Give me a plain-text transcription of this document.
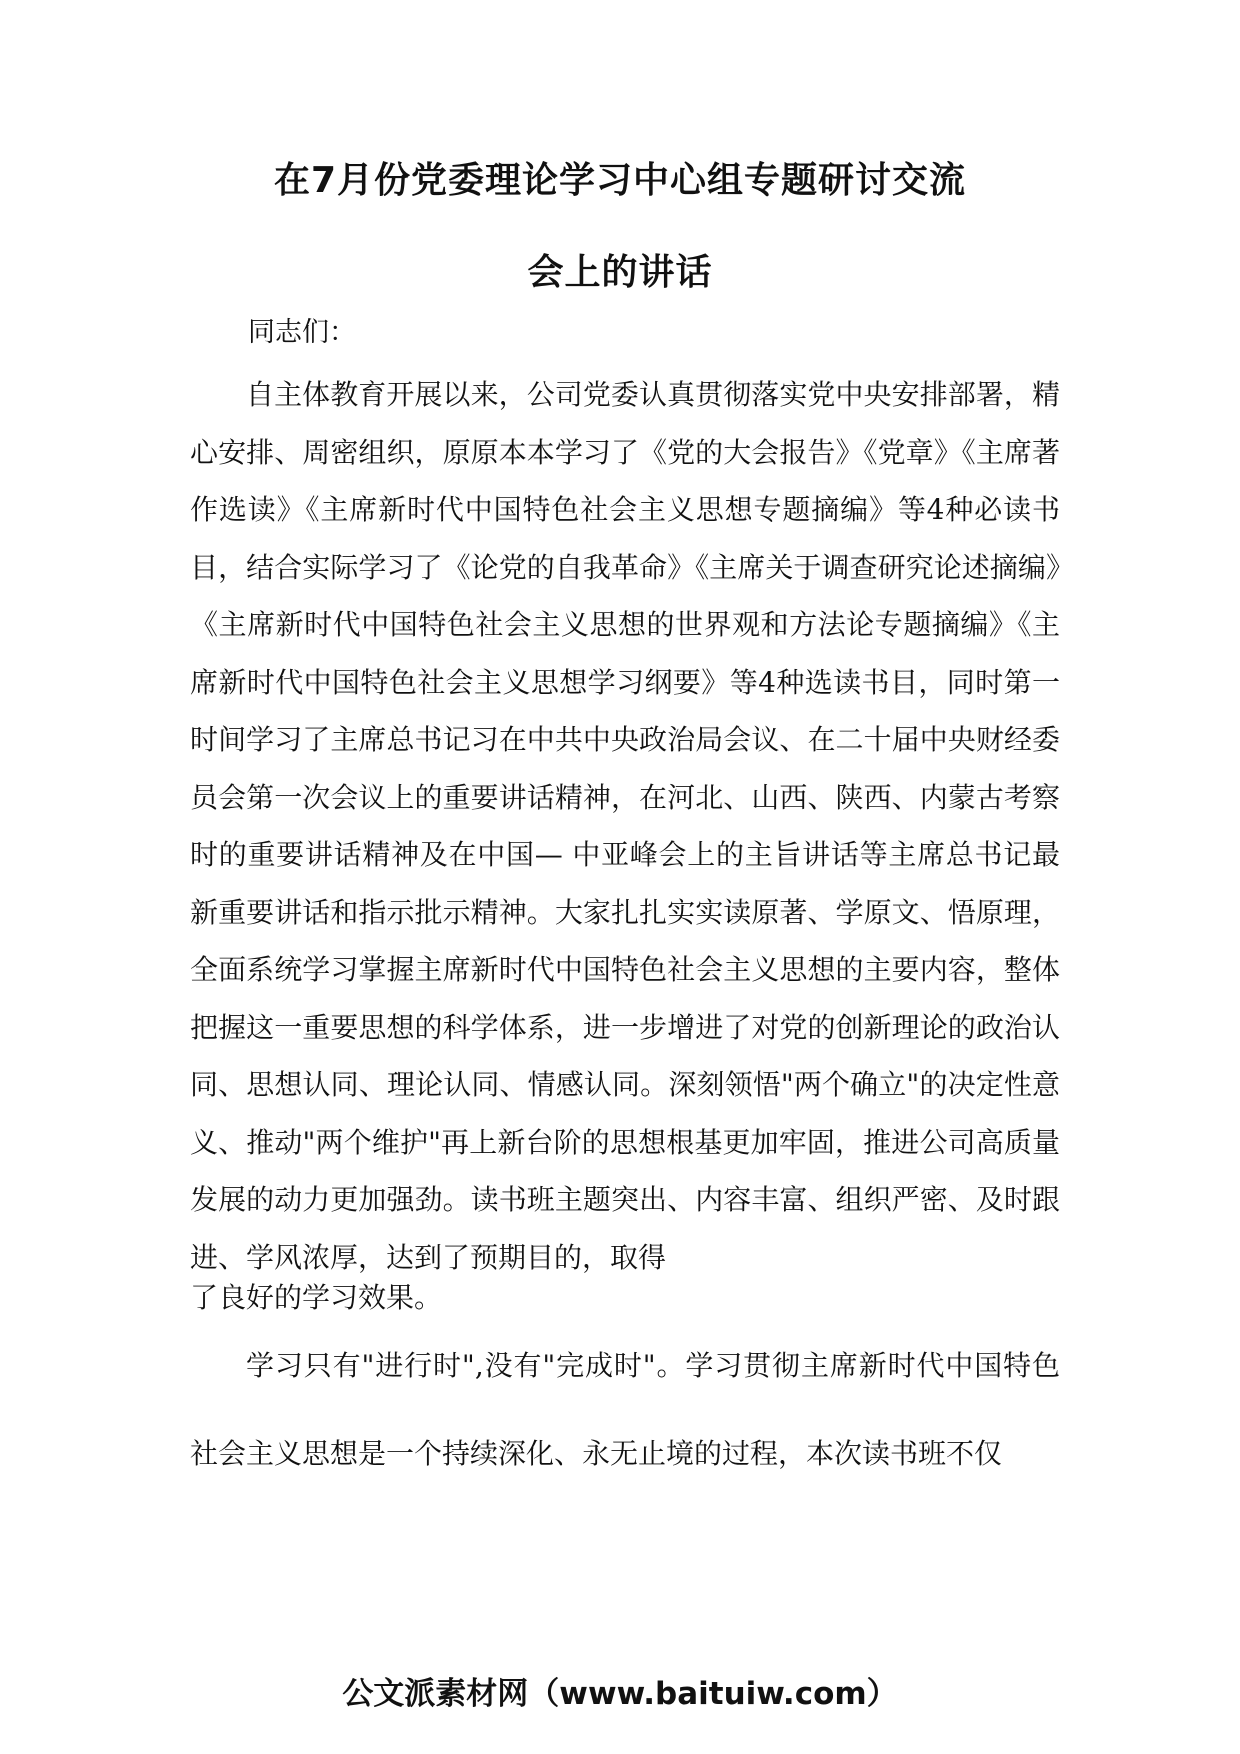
在7月份党委理论学习中心组专题研讨交流
会上的讲话

同志们：

自主体教育开展以来，公司党委认真贯彻落实党中央安排部署，精心安排、周密组织，原原本本学习了《党的大会报告》《党章》《主席著作选读》《主席新时代中国特色社会主义思想专题摘编》等4种必读书目，结合实际学习了《论党的自我革命》《主席关于调查研究论述摘编》《主席新时代中国特色社会主义思想的世界观和方法论专题摘编》《主席新时代中国特色社会主义思想学习纲要》等4种选读书目，同时第一时间学习了主席总书记习在中共中央政治局会议、在二十届中央财经委员会第一次会议上的重要讲话精神，在河北、山西、陕西、内蒙古考察时的重要讲话精神及在中国— 中亚峰会上的主旨讲话等主席总书记最新重要讲话和指示批示精神。大家扎扎实实读原著、学原文、悟原理，全面系统学习掌握主席新时代中国特色社会主义思想的主要内容，整体把握这一重要思想的科学体系，进一步增进了对党的创新理论的政治认同、思想认同、理论认同、情感认同。深刻领悟"两个确立"的决定性意义、推动"两个维护"再上新台阶的思想根基更加牢固，推进公司高质量发展的动力更加强劲。读书班主题突出、内容丰富、组织严密、及时跟进、学风浓厚，达到了预期目的，取得

了良好的学习效果。

学习只有"进行时",没有"完成时"。学习贯彻主席新时代中国特色社会主义思想是一个持续深化、永无止境的过程，本次读书班不仅

公文派素材网（www.baituiw.com）
